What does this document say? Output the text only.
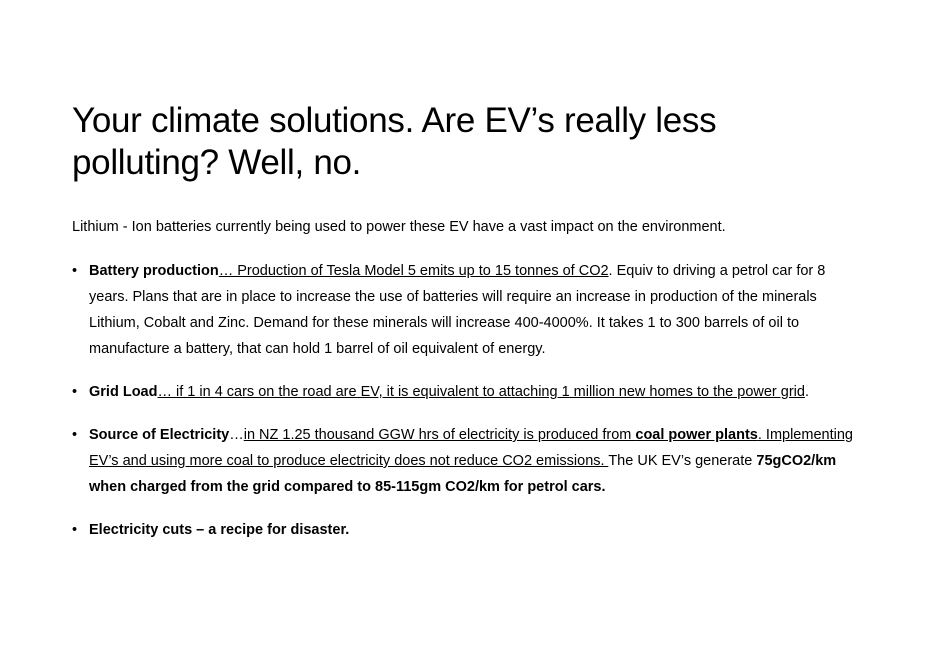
Your climate solutions. Are EV’s really less polluting? Well, no.

Lithium - Ion batteries currently being used to power these EV have a vast impact on the environment.

• Battery production… Production of Tesla Model 5 emits up to 15 tonnes of CO2. Equiv to driving a petrol car for 8 years. Plans that are in place to increase the use of batteries will require an increase in production of the minerals Lithium, Cobalt and Zinc. Demand for these minerals will increase 400-4000%. It takes 1 to 300 barrels of oil to manufacture a battery, that can hold 1 barrel of oil equivalent of energy.
• Grid Load… if 1 in 4 cars on the road are EV, it is equivalent to attaching 1 million new homes to the power grid.
• Source of Electricity…in NZ 1.25 thousand GGW hrs of electricity is produced from coal power plants. Implementing EV’s and using more coal to produce electricity does not reduce CO2 emissions. The UK EV’s generate 75gCO2/km when charged from the grid compared to 85-115gm CO2/km for petrol cars.
• Electricity cuts – a recipe for disaster.
